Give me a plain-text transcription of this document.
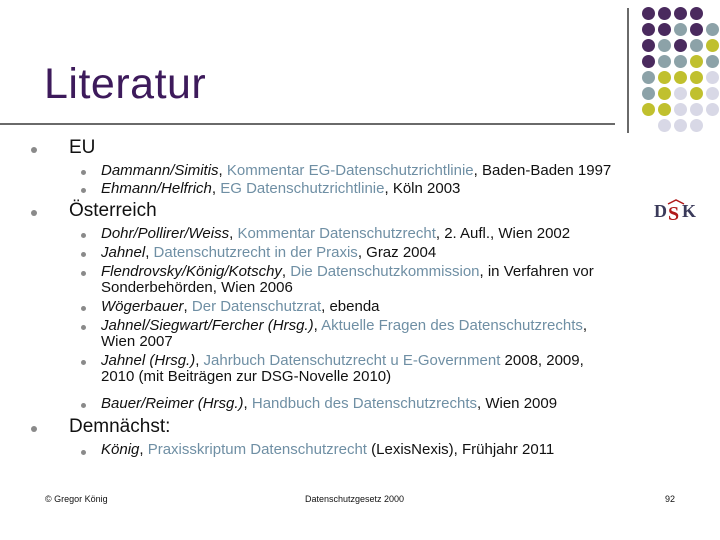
Literatur
D S K
EU
Dammann/Simitis, Kommentar EG-Datenschutzrichtlinie, Baden-Baden 1997
Ehmann/Helfrich, EG Datenschutzrichtlinie, Köln 2003
Österreich
Dohr/Pollirer/Weiss, Kommentar Datenschutzrecht, 2. Aufl., Wien 2002
Jahnel, Datenschutzrecht in der Praxis, Graz 2004
Flendrovsky/König/Kotschy, Die Datenschutzkommission, in Verfahren vor Sonderbehörden, Wien 2006
Wögerbauer, Der Datenschutzrat, ebenda
Jahnel/Siegwart/Fercher (Hrsg.), Aktuelle Fragen des Datenschutzrechts, Wien 2007
Jahnel (Hrsg.), Jahrbuch Datenschutzrecht u E-Government 2008, 2009, 2010 (mit Beiträgen zur DSG-Novelle 2010)
Bauer/Reimer (Hrsg.), Handbuch des Datenschutzrechts, Wien 2009
Demnächst:
König, Praxisskriptum Datenschutzrecht (LexisNexis), Frühjahr 2011
© Gregor König	Datenschutzgesetz 2000	92
